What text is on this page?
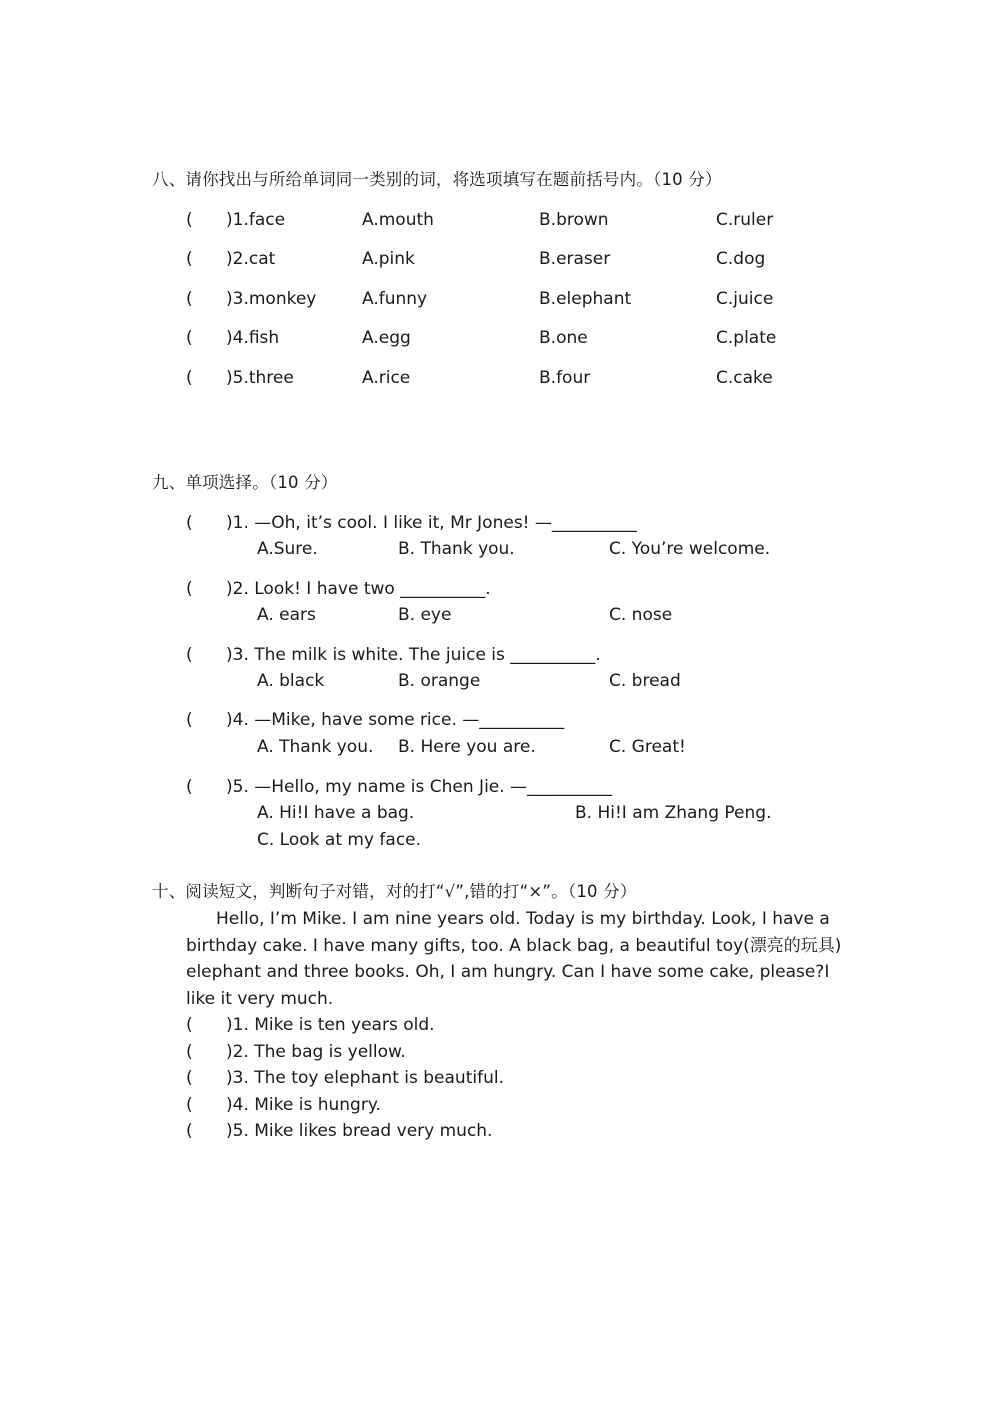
八、请你找出与所给单词同一类别的词，将选项填写在题前括号内。（10 分）
( )1.face	A.mouth	B.brown	C.ruler
( )2.cat	A.pink	B.eraser	C.dog
( )3.monkey	A.funny	B.elephant	C.juice
( )4.fish	A.egg	B.one	C.plate
( )5.three	A.rice	B.four	C.cake
九、单项选择。（10 分）
( )1. —Oh, it’s cool. I like it, Mr Jones! —__________
A.Sure.	B. Thank you.	C. You’re welcome.
( )2. Look! I have two __________.
A. ears	B. eye	C. nose
( )3. The milk is white. The juice is __________.
A. black	B. orange	C. bread
( )4. —Mike, have some rice. —__________
A. Thank you. B. Here you are.	C. Great!
( )5. —Hello, my name is Chen Jie. —__________
A. Hi!I have a bag.	B. Hi!I am Zhang Peng.
C. Look at my face.
十、阅读短文，判断句子对错，对的打“√”,错的打“×”。（10 分）
Hello, I’m Mike. I am nine years old. Today is my birthday. Look, I have a birthday cake. I have many gifts, too. A black bag, a beautiful toy(漂亮的玩具) elephant and three books. Oh, I am hungry. Can I have some cake, please?I like it very much.
( )1. Mike is ten years old.
( )2. The bag is yellow.
( )3. The toy elephant is beautiful.
( )4. Mike is hungry.
( )5. Mike likes bread very much.
